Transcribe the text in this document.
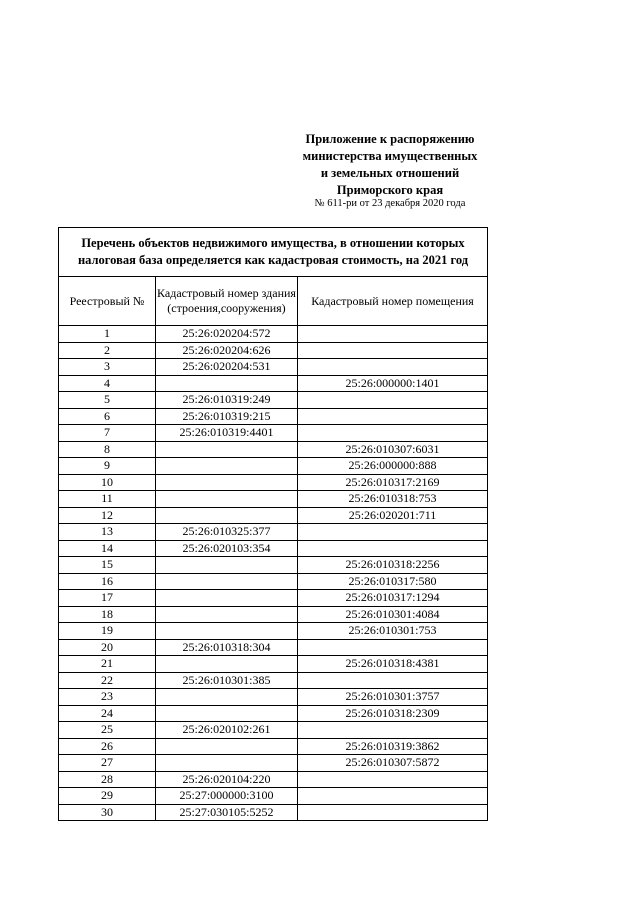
Приложение к распоряжению
министерства имущественных
и земельных отношений
Приморского края
№ 611-ри от 23 декабря 2020 года
Перечень объектов недвижимого имущества, в отношении которых налоговая база определяется как кадастровая стоимость, на 2021 год		
Реестровый №	Кадастровый номер здания (строения,сооружения)	Кадастровый номер помещения
1	25:26:020204:572	
2	25:26:020204:626	
3	25:26:020204:531	
4		25:26:000000:1401
5	25:26:010319:249	
6	25:26:010319:215	
7	25:26:010319:4401	
8		25:26:010307:6031
9		25:26:000000:888
10		25:26:010317:2169
11		25:26:010318:753
12		25:26:020201:711
13	25:26:010325:377	
14	25:26:020103:354	
15		25:26:010318:2256
16		25:26:010317:580
17		25:26:010317:1294
18		25:26:010301:4084
19		25:26:010301:753
20	25:26:010318:304	
21		25:26:010318:4381
22	25:26:010301:385	
23		25:26:010301:3757
24		25:26:010318:2309
25	25:26:020102:261	
26		25:26:010319:3862
27		25:26:010307:5872
28	25:26:020104:220	
29	25:27:000000:3100	
30	25:27:030105:5252	
